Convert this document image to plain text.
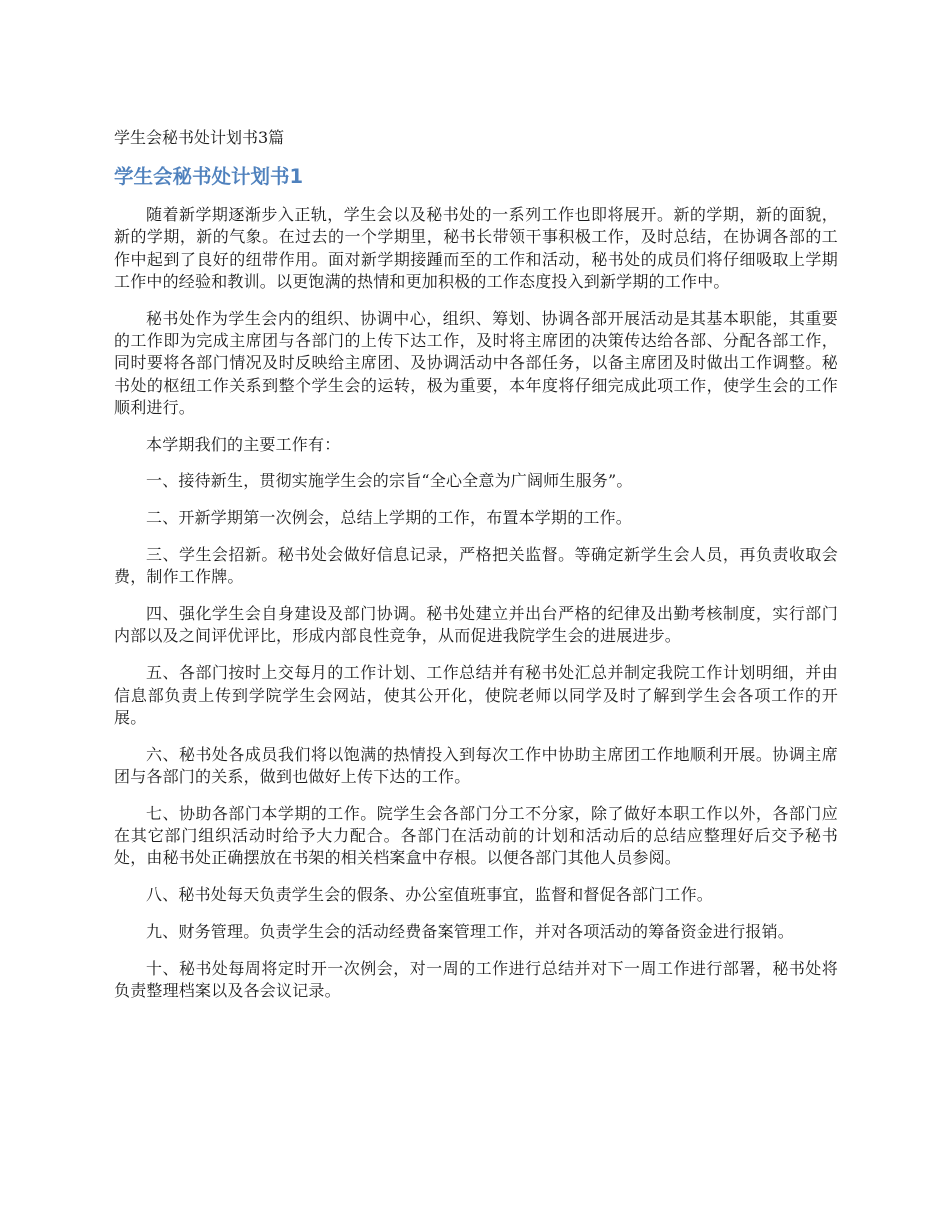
学生会秘书处计划书3篇
学生会秘书处计划书1

随着新学期逐渐步入正轨，学生会以及秘书处的一系列工作也即将展开。新的学期，新的面貌，新的学期，新的气象。在过去的一个学期里，秘书长带领干事积极工作，及时总结，在协调各部的工作中起到了良好的纽带作用。面对新学期接踵而至的工作和活动，秘书处的成员们将仔细吸取上学期工作中的经验和教训。以更饱满的热情和更加积极的工作态度投入到新学期的工作中。

秘书处作为学生会内的组织、协调中心，组织、筹划、协调各部开展活动是其基本职能，其重要的工作即为完成主席团与各部门的上传下达工作，及时将主席团的决策传达给各部、分配各部工作，同时要将各部门情况及时反映给主席团、及协调活动中各部任务，以备主席团及时做出工作调整。秘书处的枢纽工作关系到整个学生会的运转，极为重要，本年度将仔细完成此项工作，使学生会的工作顺利进行。

本学期我们的主要工作有：

一、接待新生，贯彻实施学生会的宗旨“全心全意为广阔师生服务”。

二、开新学期第一次例会，总结上学期的工作，布置本学期的工作。

三、学生会招新。秘书处会做好信息记录，严格把关监督。等确定新学生会人员，再负责收取会费，制作工作牌。

四、强化学生会自身建设及部门协调。秘书处建立并出台严格的纪律及出勤考核制度，实行部门内部以及之间评优评比，形成内部良性竞争，从而促进我院学生会的进展进步。

五、各部门按时上交每月的工作计划、工作总结并有秘书处汇总并制定我院工作计划明细，并由信息部负责上传到学院学生会网站，使其公开化，使院老师以同学及时了解到学生会各项工作的开展。

六、秘书处各成员我们将以饱满的热情投入到每次工作中协助主席团工作地顺利开展。协调主席团与各部门的关系，做到也做好上传下达的工作。

七、协助各部门本学期的工作。院学生会各部门分工不分家，除了做好本职工作以外，各部门应在其它部门组织活动时给予大力配合。各部门在活动前的计划和活动后的总结应整理好后交予秘书处，由秘书处正确摆放在书架的相关档案盒中存根。以便各部门其他人员参阅。

八、秘书处每天负责学生会的假条、办公室值班事宜，监督和督促各部门工作。

九、财务管理。负责学生会的活动经费备案管理工作，并对各项活动的筹备资金进行报销。

十、秘书处每周将定时开一次例会，对一周的工作进行总结并对下一周工作进行部署，秘书处将负责整理档案以及各会议记录。
